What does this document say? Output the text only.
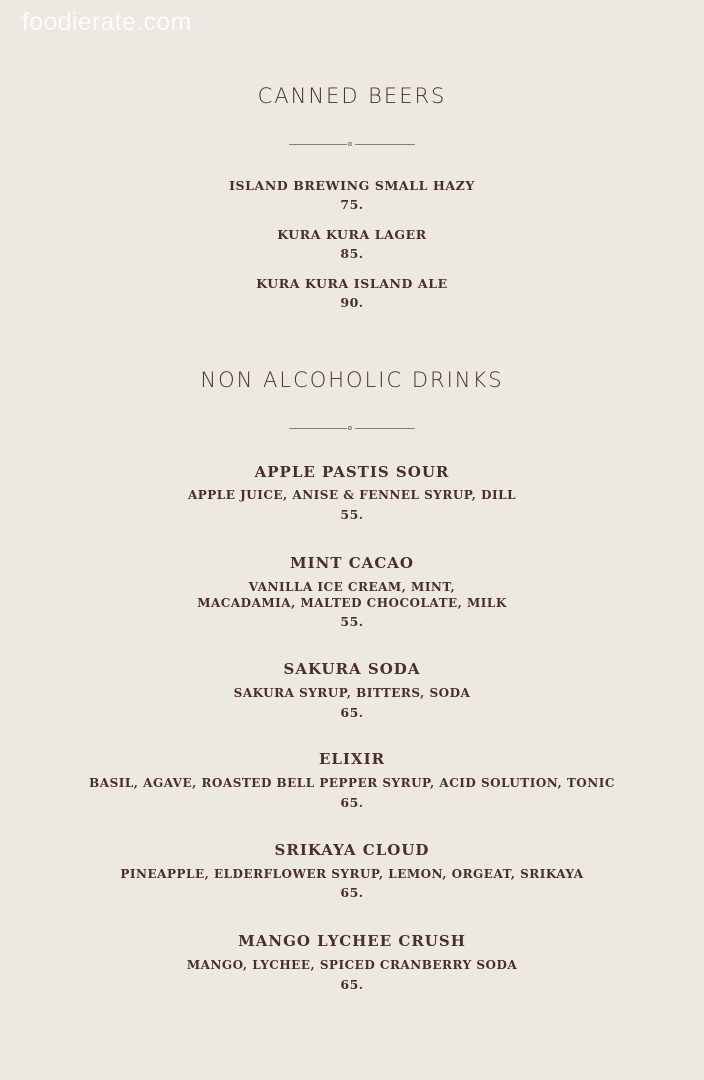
foodierate.com
CANNED BEERS
ISLAND BREWING SMALL HAZY
75.
KURA KURA LAGER
85.
KURA KURA ISLAND ALE
90.
NON ALCOHOLIC DRINKS
APPLE PASTIS SOUR
APPLE JUICE, ANISE & FENNEL SYRUP, DILL
55.
MINT CACAO
VANILLA ICE CREAM, MINT,
MACADAMIA, MALTED CHOCOLATE, MILK
55.
SAKURA SODA
SAKURA SYRUP, BITTERS, SODA
65.
ELIXIR
BASIL, AGAVE, ROASTED BELL PEPPER SYRUP, ACID SOLUTION, TONIC
65.
SRIKAYA CLOUD
PINEAPPLE, ELDERFLOWER SYRUP, LEMON, ORGEAT, SRIKAYA
65.
MANGO LYCHEE CRUSH
MANGO, LYCHEE, SPICED CRANBERRY SODA
65.
